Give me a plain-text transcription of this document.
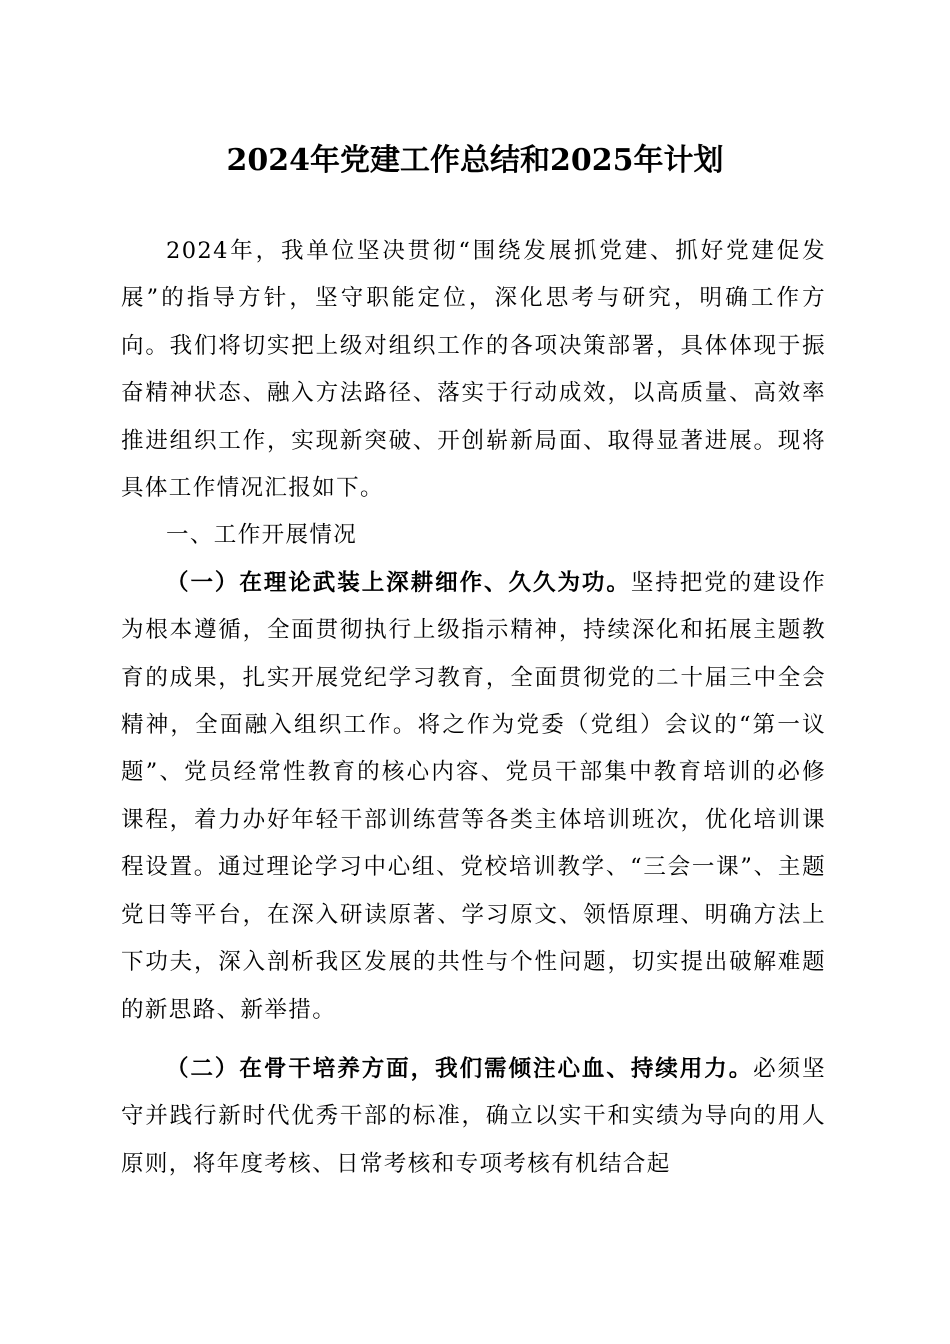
2024年党建工作总结和2025年计划

2024年，我单位坚决贯彻“围绕发展抓党建、抓好党建促发展”的指导方针，坚守职能定位，深化思考与研究，明确工作方向。我们将切实把上级对组织工作的各项决策部署，具体体现于振奋精神状态、融入方法路径、落实于行动成效，以高质量、高效率推进组织工作，实现新突破、开创崭新局面、取得显著进展。现将具体工作情况汇报如下。

一、工作开展情况

（一）在理论武装上深耕细作、久久为功。坚持把党的建设作为根本遵循，全面贯彻执行上级指示精神，持续深化和拓展主题教育的成果，扎实开展党纪学习教育，全面贯彻党的二十届三中全会精神，全面融入组织工作。将之作为党委（党组）会议的“第一议题”、党员经常性教育的核心内容、党员干部集中教育培训的必修课程，着力办好年轻干部训练营等各类主体培训班次，优化培训课程设置。通过理论学习中心组、党校培训教学、“三会一课”、主题党日等平台，在深入研读原著、学习原文、领悟原理、明确方法上下功夫，深入剖析我区发展的共性与个性问题，切实提出破解难题的新思路、新举措。

（二）在骨干培养方面，我们需倾注心血、持续用力。必须坚守并践行新时代优秀干部的标准，确立以实干和实绩为导向的用人原则，将年度考核、日常考核和专项考核有机结合起
